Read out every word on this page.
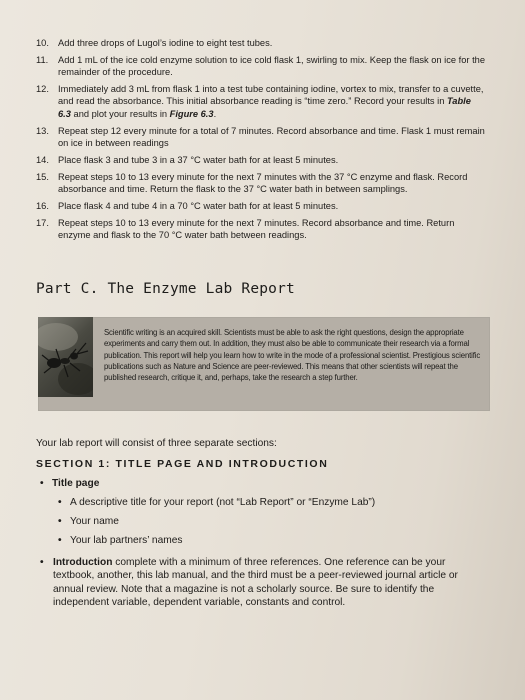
10. Add three drops of Lugol’s iodine to eight test tubes.
11.	Add 1 mL of the ice cold enzyme solution to ice cold flask 1, swirling to mix. Keep the flask on ice for the remainder of the procedure.
12. Immediately add 3 mL from flask 1 into a test tube containing iodine, vortex to mix, transfer to a cuvette, and read the absorbance. This initial absorbance reading is “time zero.” Record your results in Table 6.3 and plot your results in Figure 6.3.
13. Repeat step 12 every minute for a total of 7 minutes. Record absorbance and time. Flask 1 must remain on ice in between readings
14. Place flask 3 and tube 3 in a 37 °C water bath for at least 5 minutes.
15. Repeat steps 10 to 13 every minute for the next 7 minutes with the 37 °C enzyme and flask. Record absorbance and time. Return the flask to the 37 °C water bath in between samplings.
16. Place flask 4 and tube 4 in a 70 °C water bath for at least 5 minutes.
17. Repeat steps 10 to 13 every minute for the next 7 minutes. Record absorbance and time. Return enzyme and flask to the 70 °C water bath between readings.
Part C. The Enzyme Lab Report
Scientific writing is an acquired skill. Scientists must be able to ask the right questions, design the appropriate experiments and carry them out. In addition, they must also be able to communicate their research via a formal publication. This report will help you learn how to write in the mode of a professional scientist. Prestigious scientific publications such as Nature and Science are peer-reviewed. This means that other scientists will repeat the published research, critique it, and, perhaps, take the research a step further.
Your lab report will consist of three separate sections:
SECTION 1: TITLE PAGE AND INTRODUCTION
• Title page
• A descriptive title for your report (not “Lab Report” or “Enzyme Lab”)
• Your name
• Your lab partners’ names
• Introduction complete with a minimum of three references. One reference can be your textbook, another, this lab manual, and the third must be a peer-reviewed journal article or annual review. Note that a magazine is not a scholarly source. Be sure to identify the independent variable, dependent variable, constants and control.
